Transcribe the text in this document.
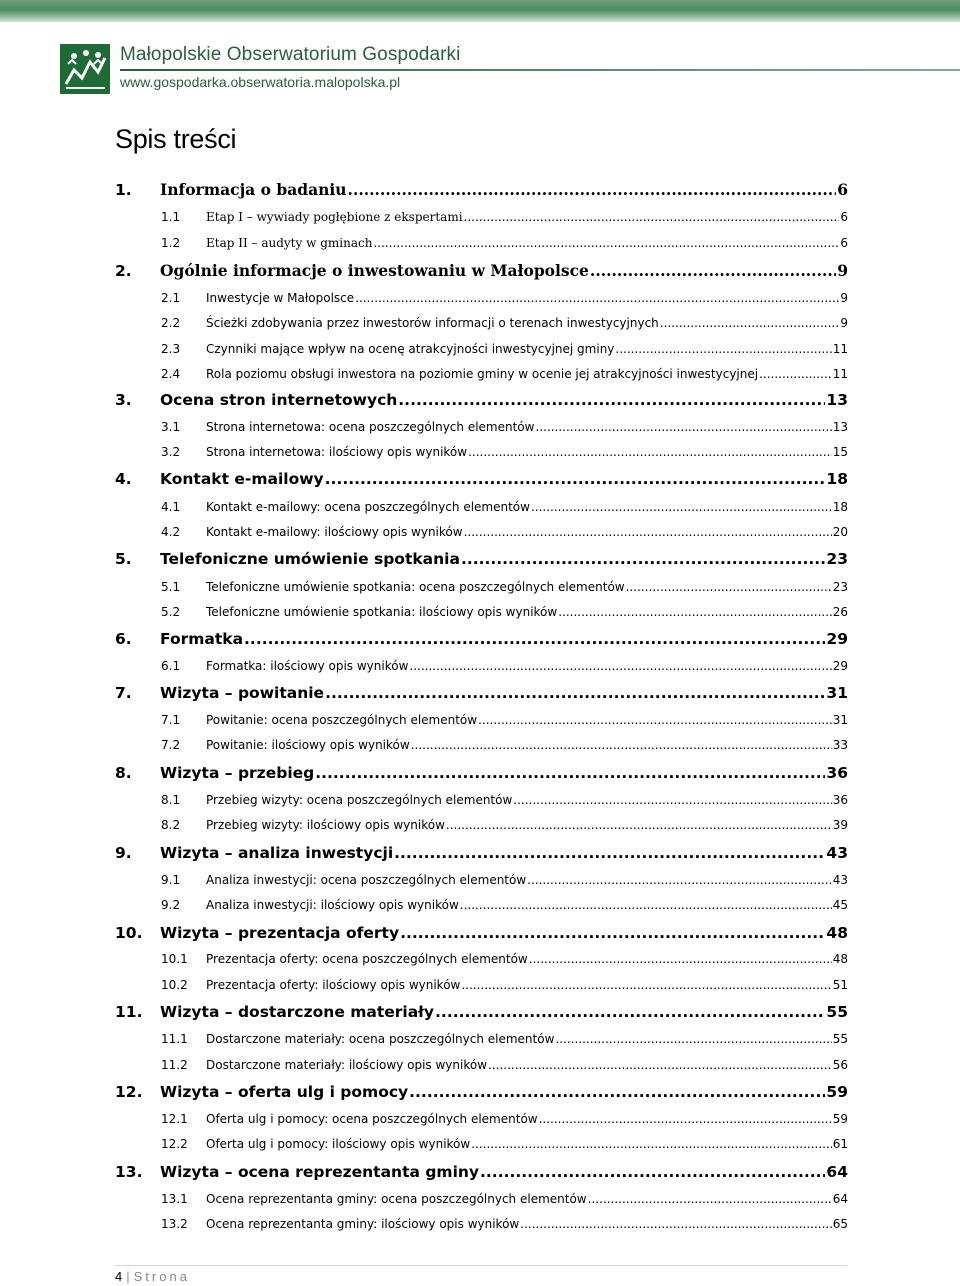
Małopolskie Obserwatorium Gospodarki
www.gospodarka.obserwatoria.malopolska.pl
Spis treści
1.	Informacja o badaniu .....	6
1.1	Etap I – wywiady pogłębione z ekspertami .....	6
1.2	Etap II – audyty w gminach .....	6
2.	Ogólnie informacje o inwestowaniu w Małopolsce .....	9
2.1	Inwestycje w Małopolsce .....	9
2.2	Ścieżki zdobywania przez inwestorów informacji o terenach inwestycyjnych .....	9
2.3	Czynniki mające wpływ na ocenę atrakcyjności inwestycyjnej gminy .....	11
2.4	Rola poziomu obsługi inwestora na poziomie gminy w ocenie jej atrakcyjności inwestycyjnej .....	11
3.	Ocena stron internetowych .....	13
3.1	Strona internetowa: ocena poszczególnych elementów .....	13
3.2	Strona internetowa: ilościowy opis wyników .....	15
4.	Kontakt e-mailowy .....	18
4.1	Kontakt e-mailowy: ocena poszczególnych elementów .....	18
4.2	Kontakt e-mailowy: ilościowy opis wyników .....	20
5.	Telefoniczne umówienie spotkania .....	23
5.1	Telefoniczne umówienie spotkania: ocena poszczególnych elementów .....	23
5.2	Telefoniczne umówienie spotkania: ilościowy opis wyników .....	26
6.	Formatka .....	29
6.1	Formatka: ilościowy opis wyników .....	29
7.	Wizyta – powitanie .....	31
7.1	Powitanie: ocena poszczególnych elementów .....	31
7.2	Powitanie: ilościowy opis wyników .....	33
8.	Wizyta – przebieg .....	36
8.1	Przebieg wizyty: ocena poszczególnych elementów .....	36
8.2	Przebieg wizyty: ilościowy opis wyników .....	39
9.	Wizyta – analiza inwestycji .....	43
9.1	Analiza inwestycji: ocena poszczególnych elementów .....	43
9.2	Analiza inwestycji: ilościowy opis wyników .....	45
10.	Wizyta – prezentacja oferty .....	48
10.1	Prezentacja oferty: ocena poszczególnych elementów .....	48
10.2	Prezentacja oferty: ilościowy opis wyników .....	51
11.	Wizyta – dostarczone materiały .....	55
11.1	Dostarczone materiały: ocena poszczególnych elementów .....	55
11.2	Dostarczone materiały: ilościowy opis wyników .....	56
12.	Wizyta – oferta ulg i pomocy .....	59
12.1	Oferta ulg i pomocy: ocena poszczególnych elementów .....	59
12.2	Oferta ulg i pomocy: ilościowy opis wyników .....	61
13.	Wizyta – ocena reprezentanta gminy .....	64
13.1	Ocena reprezentanta gminy: ocena poszczególnych elementów .....	64
13.2	Ocena reprezentanta gminy: ilościowy opis wyników .....	65
4 | Strona
